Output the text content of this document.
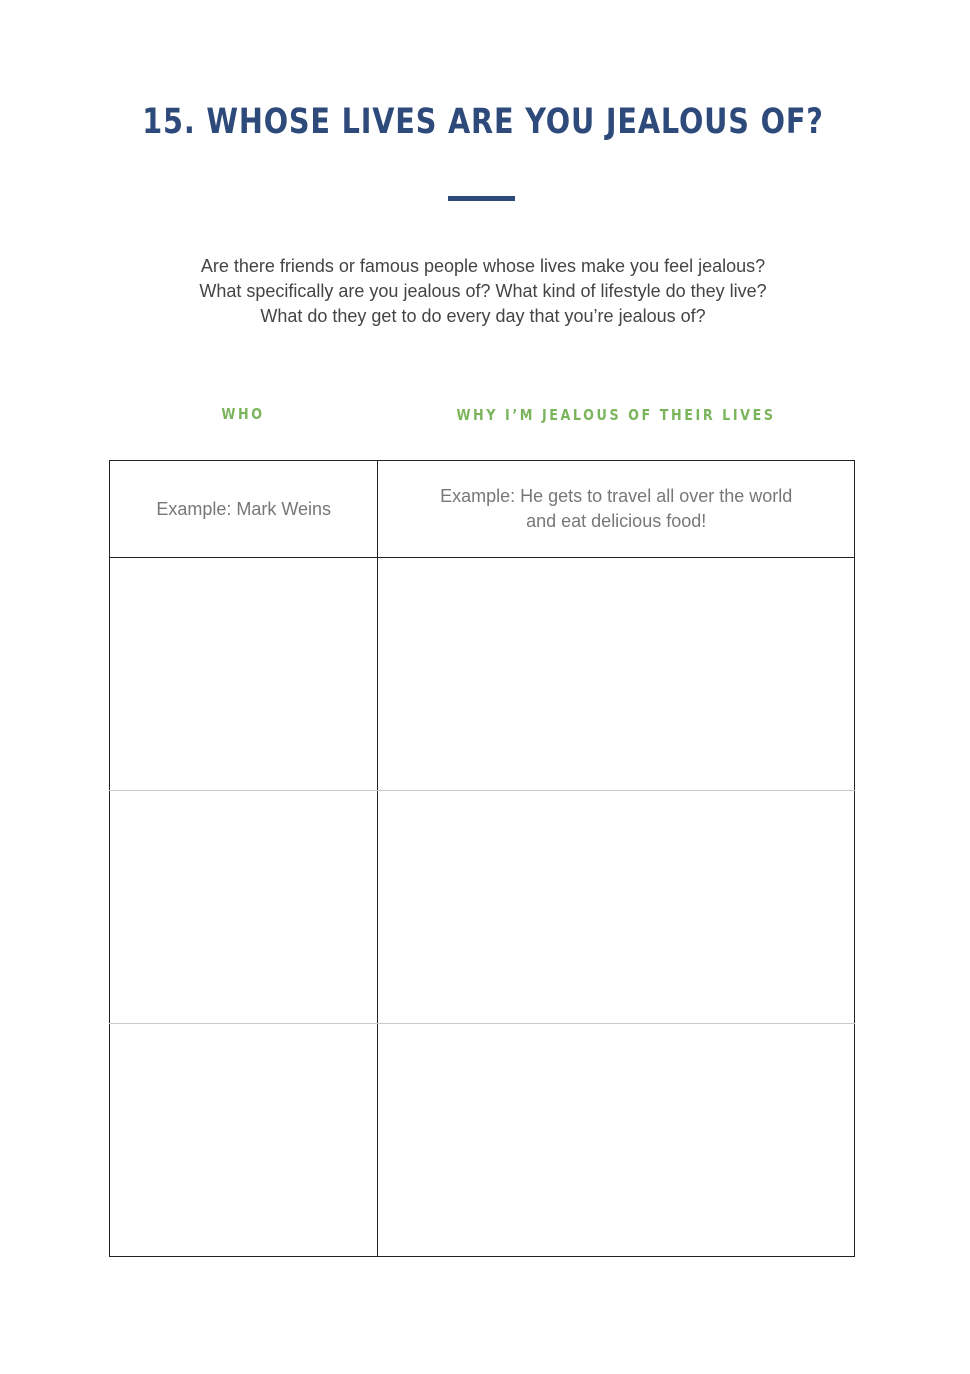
15. WHOSE LIVES ARE YOU JEALOUS OF?
Are there friends or famous people whose lives make you feel jealous?
What specifically are you jealous of? What kind of lifestyle do they live?
What do they get to do every day that you’re jealous of?
WHO	WHY I’M JEALOUS OF THEIR LIVES
Example: Mark Weins	Example: He gets to travel all over the world
and eat delicious food!
